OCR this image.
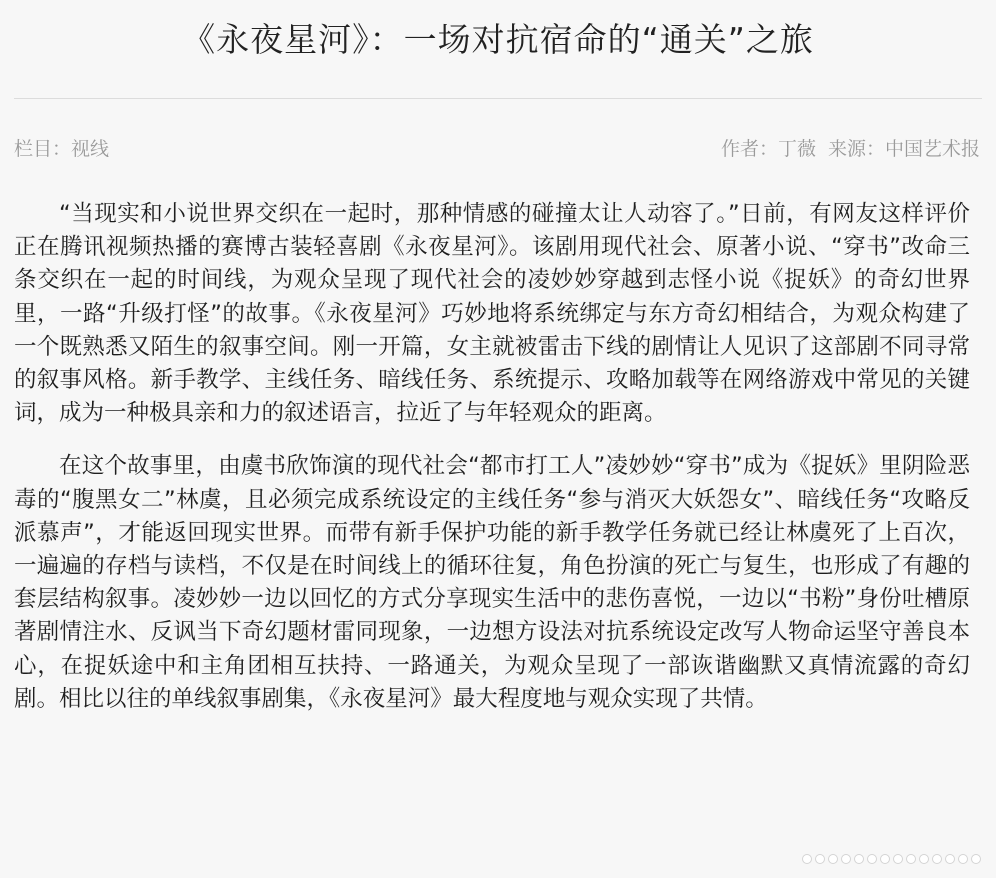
《永夜星河》：一场对抗宿命的“通关”之旅
栏目：视线	作者：丁薇 来源：中国艺术报

“当现实和小说世界交织在一起时，那种情感的碰撞太让人动容了。”日前，有网友这样评价正在腾讯视频热播的赛博古装轻喜剧《永夜星河》。该剧用现代社会、原著小说、“穿书”改命三条交织在一起的时间线，为观众呈现了现代社会的凌妙妙穿越到志怪小说《捉妖》的奇幻世界里，一路“升级打怪”的故事。《永夜星河》巧妙地将系统绑定与东方奇幻相结合，为观众构建了一个既熟悉又陌生的叙事空间。刚一开篇，女主就被雷击下线的剧情让人见识了这部剧不同寻常的叙事风格。新手教学、主线任务、暗线任务、系统提示、攻略加载等在网络游戏中常见的关键词，成为一种极具亲和力的叙述语言，拉近了与年轻观众的距离。

在这个故事里，由虞书欣饰演的现代社会“都市打工人”凌妙妙“穿书”成为《捉妖》里阴险恶毒的“腹黑女二”林虞，且必须完成系统设定的主线任务“参与消灭大妖怨女”、暗线任务“攻略反派慕声”，才能返回现实世界。而带有新手保护功能的新手教学任务就已经让林虞死了上百次，一遍遍的存档与读档，不仅是在时间线上的循环往复，角色扮演的死亡与复生，也形成了有趣的套层结构叙事。凌妙妙一边以回忆的方式分享现实生活中的悲伤喜悦，一边以“书粉”身份吐槽原著剧情注水、反讽当下奇幻题材雷同现象，一边想方设法对抗系统设定改写人物命运坚守善良本心，在捉妖途中和主角团相互扶持、一路通关，为观众呈现了一部诙谐幽默又真情流露的奇幻剧。相比以往的单线叙事剧集，《永夜星河》最大程度地与观众实现了共情。
